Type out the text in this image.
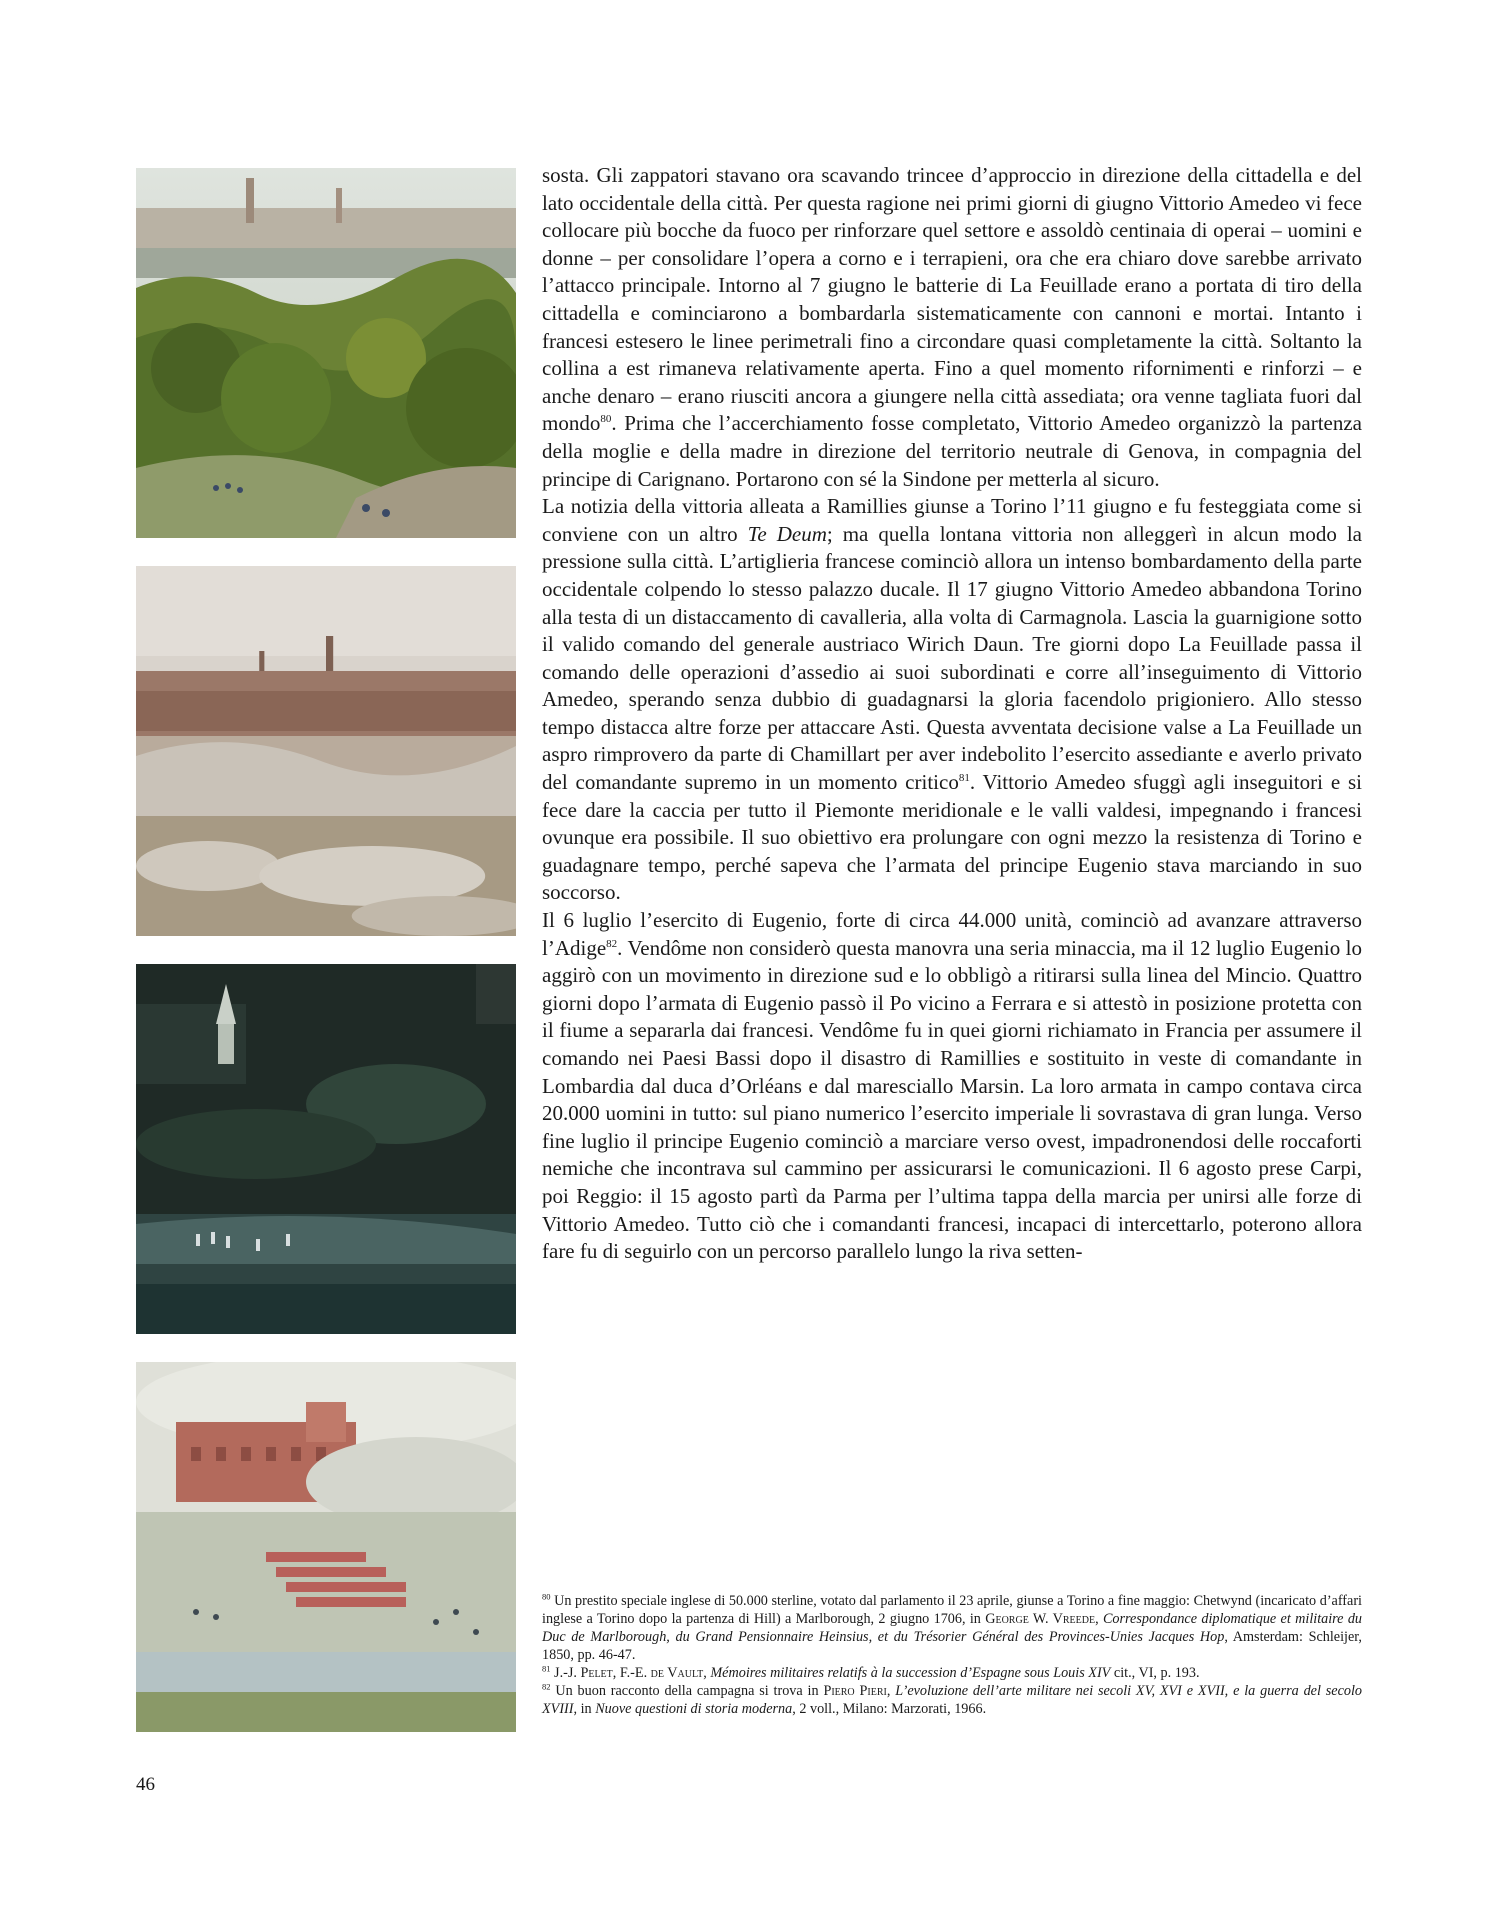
sosta. Gli zappatori stavano ora scavando trincee d’approccio in direzione della cittadella e del lato occidentale della città. Per questa ragione nei primi giorni di giugno Vittorio Amedeo vi fece collocare più bocche da fuoco per rinforzare quel settore e assoldò centinaia di operai – uomini e donne – per consolidare l’opera a corno e i terrapieni, ora che era chiaro dove sarebbe arrivato l’attacco principale. Intorno al 7 giugno le batterie di La Feuillade erano a portata di tiro della cittadella e cominciarono a bombardarla sistematicamente con cannoni e mortai. Intanto i francesi estesero le linee perimetrali fino a circondare quasi completamente la città. Soltanto la collina a est rimaneva relativamente aperta. Fino a quel momento rifornimenti e rinforzi – e anche denaro – erano riusciti ancora a giungere nella città assediata; ora venne tagliata fuori dal mondo$^{80}$. Prima che l’accerchiamento fosse completato, Vittorio Amedeo organizzò la partenza della moglie e della madre in direzione del territorio neutrale di Genova, in compagnia del principe di Carignano. Portarono con sé la Sindone per metterla al sicuro.

La notizia della vittoria alleata a Ramillies giunse a Torino l’11 giugno e fu festeggiata come si conviene con un altro Te Deum; ma quella lontana vittoria non alleggerì in alcun modo la pressione sulla città. L’artiglieria francese cominciò allora un intenso bombardamento della parte occidentale colpendo lo stesso palazzo ducale. Il 17 giugno Vittorio Amedeo abbandona Torino alla testa di un distaccamento di cavalleria, alla volta di Carmagnola. Lascia la guarnigione sotto il valido comando del generale austriaco Wirich Daun. Tre giorni dopo La Feuillade passa il comando delle operazioni d’assedio ai suoi subordinati e corre all’inseguimento di Vittorio Amedeo, sperando senza dubbio di guadagnarsi la gloria facendolo prigioniero. Allo stesso tempo distacca altre forze per attaccare Asti. Questa avventata decisione valse a La Feuillade un aspro rimprovero da parte di Chamillart per aver indebolito l’esercito assediante e averlo privato del comandante supremo in un momento critico$^{81}$. Vittorio Amedeo sfuggì agli inseguitori e si fece dare la caccia per tutto il Piemonte meridionale e le valli valdesi, impegnando i francesi ovunque era possibile. Il suo obiettivo era prolungare con ogni mezzo la resistenza di Torino e guadagnare tempo, perché sapeva che l’armata del principe Eugenio stava marciando in suo soccorso.

Il 6 luglio l’esercito di Eugenio, forte di circa 44.000 unità, cominciò ad avanzare attraverso l’Adige$^{82}$. Vendôme non considerò questa manovra una seria minaccia, ma il 12 luglio Eugenio lo aggirò con un movimento in direzione sud e lo obbligò a ritirarsi sulla linea del Mincio. Quattro giorni dopo l’armata di Eugenio passò il Po vicino a Ferrara e si attestò in posizione protetta con il fiume a separarla dai francesi. Vendôme fu in quei giorni richiamato in Francia per assumere il comando nei Paesi Bassi dopo il disastro di Ramillies e sostituito in veste di comandante in Lombardia dal duca d’Orléans e dal maresciallo Marsin. La loro armata in campo contava circa 20.000 uomini in tutto: sul piano numerico l’esercito imperiale li sovrastava di gran lunga. Verso fine luglio il principe Eugenio cominciò a marciare verso ovest, impadronendosi delle roccaforti nemiche che incontrava sul cammino per assicurarsi le comunicazioni. Il 6 agosto prese Carpi, poi Reggio: il 15 agosto partì da Parma per l’ultima tappa della marcia per unirsi alle forze di Vittorio Amedeo. Tutto ciò che i comandanti francesi, incapaci di intercettarlo, poterono allora fare fu di seguirlo con un percorso parallelo lungo la riva setten-

$^{80}$ Un prestito speciale inglese di 50.000 sterline, votato dal parlamento il 23 aprile, giunse a Torino a fine maggio: Chetwynd (incaricato d’affari inglese a Torino dopo la partenza di Hill) a Marlborough, 2 giugno 1706, in George W. Vreede, Correspondance diplomatique et militaire du Duc de Marlborough, du Grand Pensionnaire Heinsius, et du Trésorier Général des Provinces-Unies Jacques Hop, Amsterdam: Schleijer, 1850, pp. 46-47.

$^{81}$ J.-J. Pelet, F.-E. de Vault, Mémoires militaires relatifs à la succession d’Espagne sous Louis XIV cit., VI, p. 193.

$^{82}$ Un buon racconto della campagna si trova in Piero Pieri, L’evoluzione dell’arte militare nei secoli XV, XVI e XVII, e la guerra del secolo XVIII, in Nuove questioni di storia moderna, 2 voll., Milano: Marzorati, 1966.

46
